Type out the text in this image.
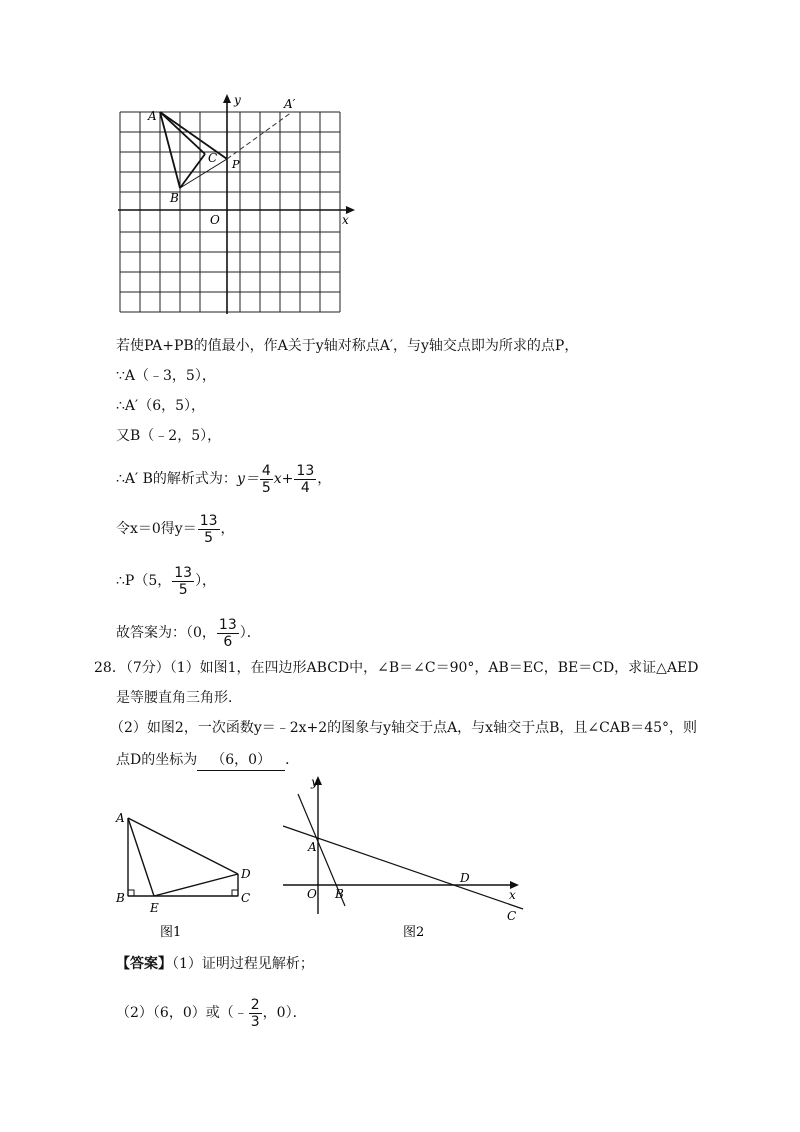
A
B
C P
O
A′
x
y
若使PA+PB的值最小，作A关于y轴对称点A′，与y轴交点即为所求的点P，
∵A（﹣3，5），
∴A′（6，5），
又B（﹣2，5），
∴A′ B的解析式为：$y= \frac{4}{5} x+ \frac{13}{4}$ ，
令x＝0得$y= \frac{13}{5}$ ，
∴P（5， $\frac{13}{5}$ ），
故答案为：（0， $\frac{13}{6}$ ）．
28．（7分）（1）如图1，在四边形ABCD中，∠B＝∠C＝90°，AB＝EC，BE＝CD，求证△AED
是等腰直角三角形．
（2）如图2，一次函数y＝﹣2x+2的图象与y轴交于点A，与x轴交于点B，且∠CAB＝45°，则
点D的坐标为 （6，0） ．
A
B
E
C
D
图1
y
A
O B
D
x
C
图2
【答案】（1）证明过程见解析；
（2）（6，0）或（﹣ $\frac{2}{3}$ ，0）．
